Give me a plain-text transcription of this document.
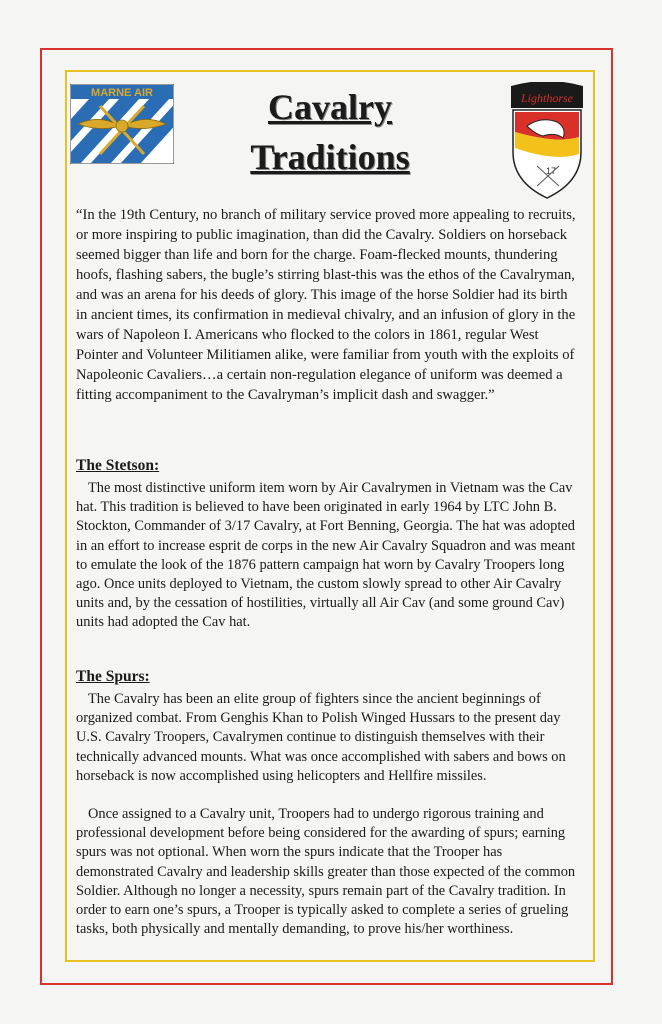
MARNE AIR	Cavalry
Traditions
Lighthorse
17
“In the 19th Century, no branch of military service proved more appealing to recruits, or more inspiring to public imagination, than did the Cavalry. Soldiers on horseback seemed bigger than life and born for the charge. Foam-flecked mounts, thundering hoofs, flashing sabers, the bugle’s stirring blast-this was the ethos of the Cavalryman, and was an arena for his deeds of glory. This image of the horse Soldier had its birth in ancient times, its confirmation in medieval chivalry, and an infusion of glory in the wars of Napoleon I. Americans who flocked to the colors in 1861, regular West Pointer and Volunteer Militiamen alike, were familiar from youth with the exploits of Napoleonic Cavaliers…a certain non-regulation elegance of uniform was deemed a fitting accompaniment to the Cavalryman’s implicit dash and swagger.”
The Stetson:
The most distinctive uniform item worn by Air Cavalrymen in Vietnam was the Cav hat. This tradition is believed to have been originated in early 1964 by LTC John B. Stockton, Commander of 3/17 Cavalry, at Fort Benning, Georgia. The hat was adopted in an effort to increase esprit de corps in the new Air Cavalry Squadron and was meant to emulate the look of the 1876 pattern campaign hat worn by Cavalry Troopers long ago. Once units deployed to Vietnam, the custom slowly spread to other Air Cavalry units and, by the cessation of hostilities, virtually all Air Cav (and some ground Cav) units had adopted the Cav hat.
The Spurs:
The Cavalry has been an elite group of fighters since the ancient beginnings of organized combat. From Genghis Khan to Polish Winged Hussars to the present day U.S. Cavalry Troopers, Cavalrymen continue to distinguish themselves with their technically advanced mounts. What was once accomplished with sabers and bows on horseback is now accomplished using helicopters and Hellfire missiles.
Once assigned to a Cavalry unit, Troopers had to undergo rigorous training and professional development before being considered for the awarding of spurs; earning spurs was not optional. When worn the spurs indicate that the Trooper has demonstrated Cavalry and leadership skills greater than those expected of the common Soldier. Although no longer a necessity, spurs remain part of the Cavalry tradition. In order to earn one’s spurs, a Trooper is typically asked to complete a series of grueling tasks, both physically and mentally demanding, to prove his/her worthiness.
